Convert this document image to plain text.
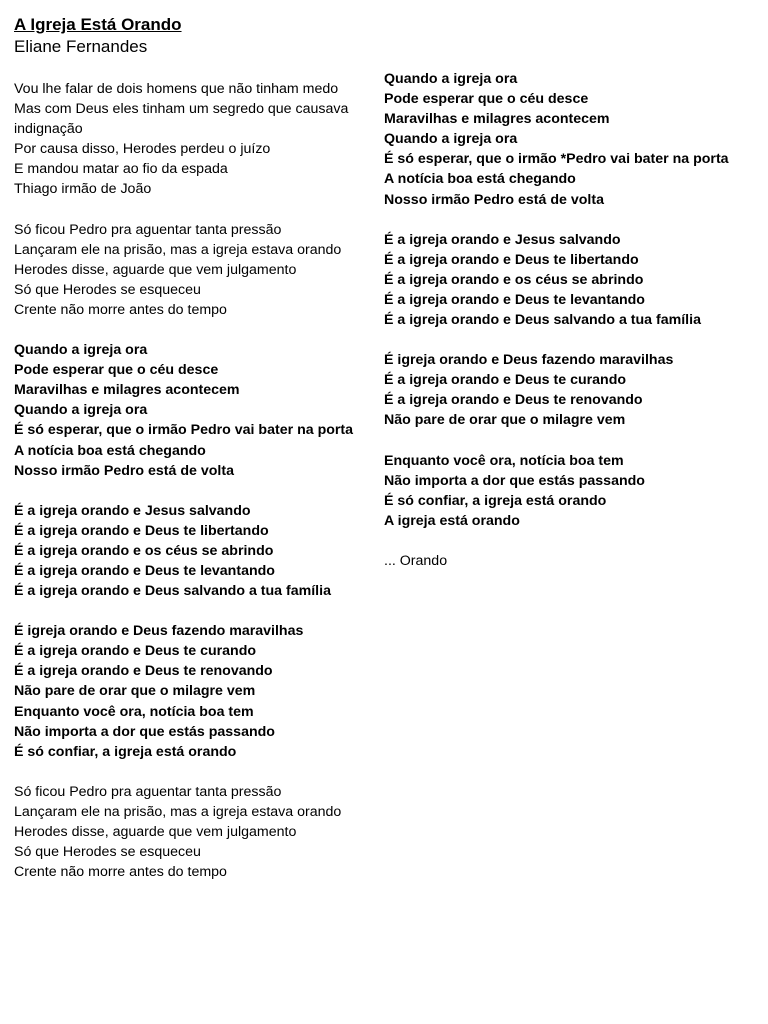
A Igreja Está Orando
Eliane Fernandes

Vou lhe falar de dois homens que não tinham medo

Mas com Deus eles tinham um segredo que causava indignação

Por causa disso, Herodes perdeu o juízo

E mandou matar ao fio da espada

Thiago irmão de João

Só ficou Pedro pra aguentar tanta pressão

Lançaram ele na prisão, mas a igreja estava orando

Herodes disse, aguarde que vem julgamento

Só que Herodes se esqueceu

Crente não morre antes do tempo

Quando a igreja ora

Pode esperar que o céu desce

Maravilhas e milagres acontecem

Quando a igreja ora

É só esperar, que o irmão Pedro vai bater na porta

A notícia boa está chegando

Nosso irmão Pedro está de volta

É a igreja orando e Jesus salvando

É a igreja orando e Deus te libertando

É a igreja orando e os céus se abrindo

É a igreja orando e Deus te levantando

É a igreja orando e Deus salvando a tua família

É igreja orando e Deus fazendo maravilhas

É a igreja orando e Deus te curando

É a igreja orando e Deus te renovando

Não pare de orar que o milagre vem

Enquanto você ora, notícia boa tem

Não importa a dor que estás passando

É só confiar, a igreja está orando

Só ficou Pedro pra aguentar tanta pressão

Lançaram ele na prisão, mas a igreja estava orando

Herodes disse, aguarde que vem julgamento

Só que Herodes se esqueceu

Crente não morre antes do tempo

Quando a igreja ora

Pode esperar que o céu desce

Maravilhas e milagres acontecem

Quando a igreja ora

É só esperar, que o irmão *Pedro vai bater na porta

A notícia boa está chegando

Nosso irmão Pedro está de volta

É a igreja orando e Jesus salvando

É a igreja orando e Deus te libertando

É a igreja orando e os céus se abrindo

É a igreja orando e Deus te levantando

É a igreja orando e Deus salvando a tua família

É igreja orando e Deus fazendo maravilhas

É a igreja orando e Deus te curando

É a igreja orando e Deus te renovando

Não pare de orar que o milagre vem

Enquanto você ora, notícia boa tem

Não importa a dor que estás passando

É só confiar, a igreja está orando

A igreja está orando

... Orando
